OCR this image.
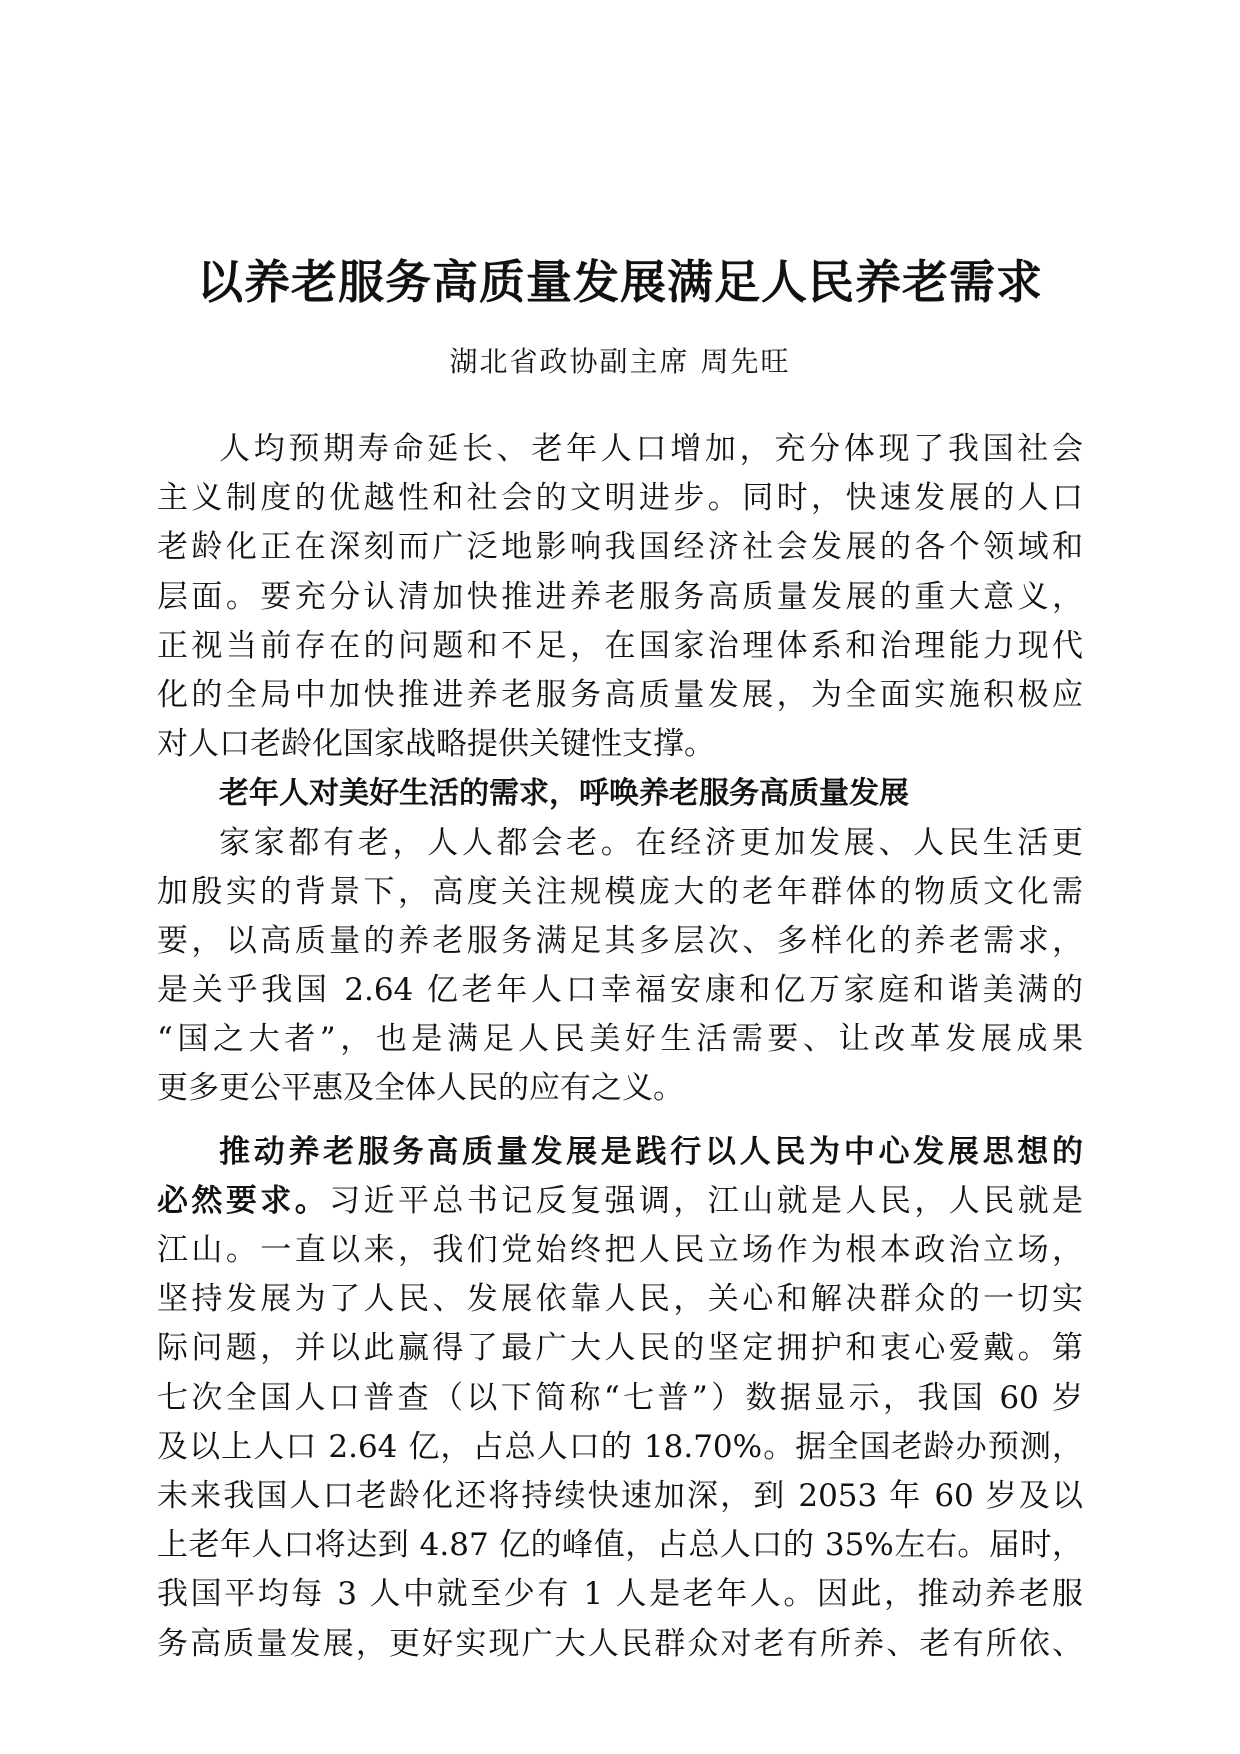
以养老服务高质量发展满足人民养老需求

湖北省政协副主席 周先旺

人均预期寿命延长、老年人口增加，充分体现了我国社会
主义制度的优越性和社会的文明进步。同时，快速发展的人口
老龄化正在深刻而广泛地影响我国经济社会发展的各个领域和
层面。要充分认清加快推进养老服务高质量发展的重大意义，
正视当前存在的问题和不足，在国家治理体系和治理能力现代
化的全局中加快推进养老服务高质量发展，为全面实施积极应
对人口老龄化国家战略提供关键性支撑。
老年人对美好生活的需求，呼唤养老服务高质量发展
家家都有老，人人都会老。在经济更加发展、人民生活更
加殷实的背景下，高度关注规模庞大的老年群体的物质文化需
要，以高质量的养老服务满足其多层次、多样化的养老需求，
是关乎我国 2.64 亿老年人口幸福安康和亿万家庭和谐美满的
“国之大者”，也是满足人民美好生活需要、让改革发展成果
更多更公平惠及全体人民的应有之义。
推动养老服务高质量发展是践行以人民为中心发展思想的
必然要求。习近平总书记反复强调，江山就是人民，人民就是
江山。一直以来，我们党始终把人民立场作为根本政治立场，
坚持发展为了人民、发展依靠人民，关心和解决群众的一切实
际问题，并以此赢得了最广大人民的坚定拥护和衷心爱戴。第
七次全国人口普查（以下简称“七普”）数据显示，我国 60 岁
及以上人口 2.64 亿，占总人口的 18.70%。据全国老龄办预测，
未来我国人口老龄化还将持续快速加深，到 2053 年 60 岁及以
上老年人口将达到 4.87 亿的峰值，占总人口的 35%左右。届时，
我国平均每 3 人中就至少有 1 人是老年人。因此，推动养老服
务高质量发展，更好实现广大人民群众对老有所养、老有所依、
